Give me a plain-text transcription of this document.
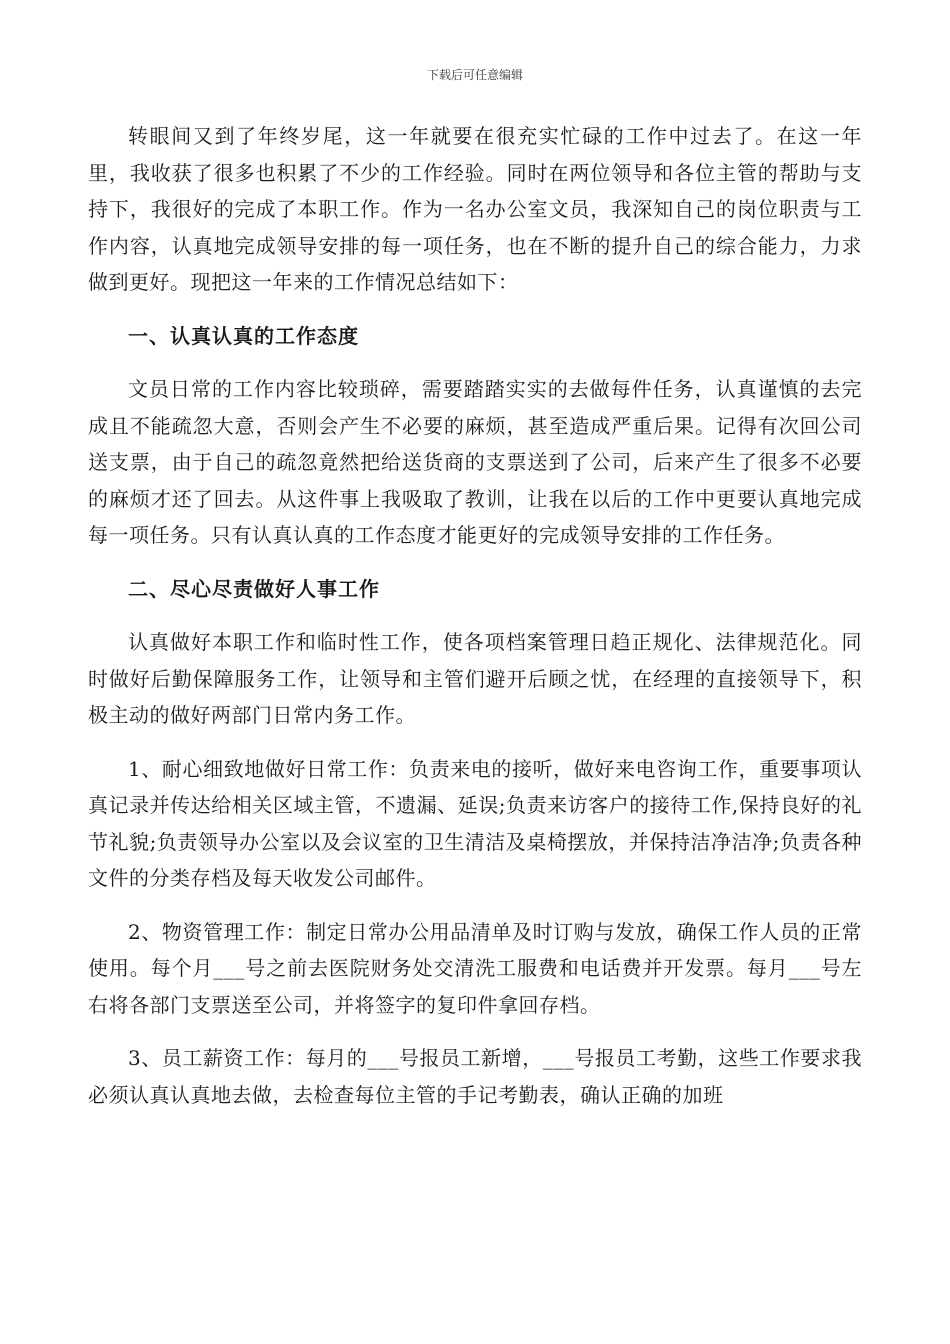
下载后可任意编辑

转眼间又到了年终岁尾，这一年就要在很充实忙碌的工作中过去了。在这一年里，我收获了很多也积累了不少的工作经验。同时在两位领导和各位主管的帮助与支持下，我很好的完成了本职工作。作为一名办公室文员，我深知自己的岗位职责与工作内容，认真地完成领导安排的每一项任务，也在不断的提升自己的综合能力，力求做到更好。现把这一年来的工作情况总结如下：

一、认真认真的工作态度

文员日常的工作内容比较琐碎，需要踏踏实实的去做每件任务，认真谨慎的去完成且不能疏忽大意，否则会产生不必要的麻烦，甚至造成严重后果。记得有次回公司送支票，由于自己的疏忽竟然把给送货商的支票送到了公司，后来产生了很多不必要的麻烦才还了回去。从这件事上我吸取了教训，让我在以后的工作中更要认真地完成每一项任务。只有认真认真的工作态度才能更好的完成领导安排的工作任务。

二、尽心尽责做好人事工作

认真做好本职工作和临时性工作，使各项档案管理日趋正规化、法律规范化。同时做好后勤保障服务工作，让领导和主管们避开后顾之忧，在经理的直接领导下，积极主动的做好两部门日常内务工作。

1、耐心细致地做好日常工作：负责来电的接听，做好来电咨询工作，重要事项认真记录并传达给相关区域主管，不遗漏、延误;负责来访客户的接待工作,保持良好的礼节礼貌;负责领导办公室以及会议室的卫生清洁及桌椅摆放，并保持洁净洁净;负责各种文件的分类存档及每天收发公司邮件。

2、物资管理工作：制定日常办公用品清单及时订购与发放，确保工作人员的正常使用。每个月___号之前去医院财务处交清洗工服费和电话费并开发票。每月___号左右将各部门支票送至公司，并将签字的复印件拿回存档。

3、员工薪资工作：每月的___号报员工新增，___号报员工考勤，这些工作要求我必须认真认真地去做，去检查每位主管的手记考勤表，确认正确的加班
